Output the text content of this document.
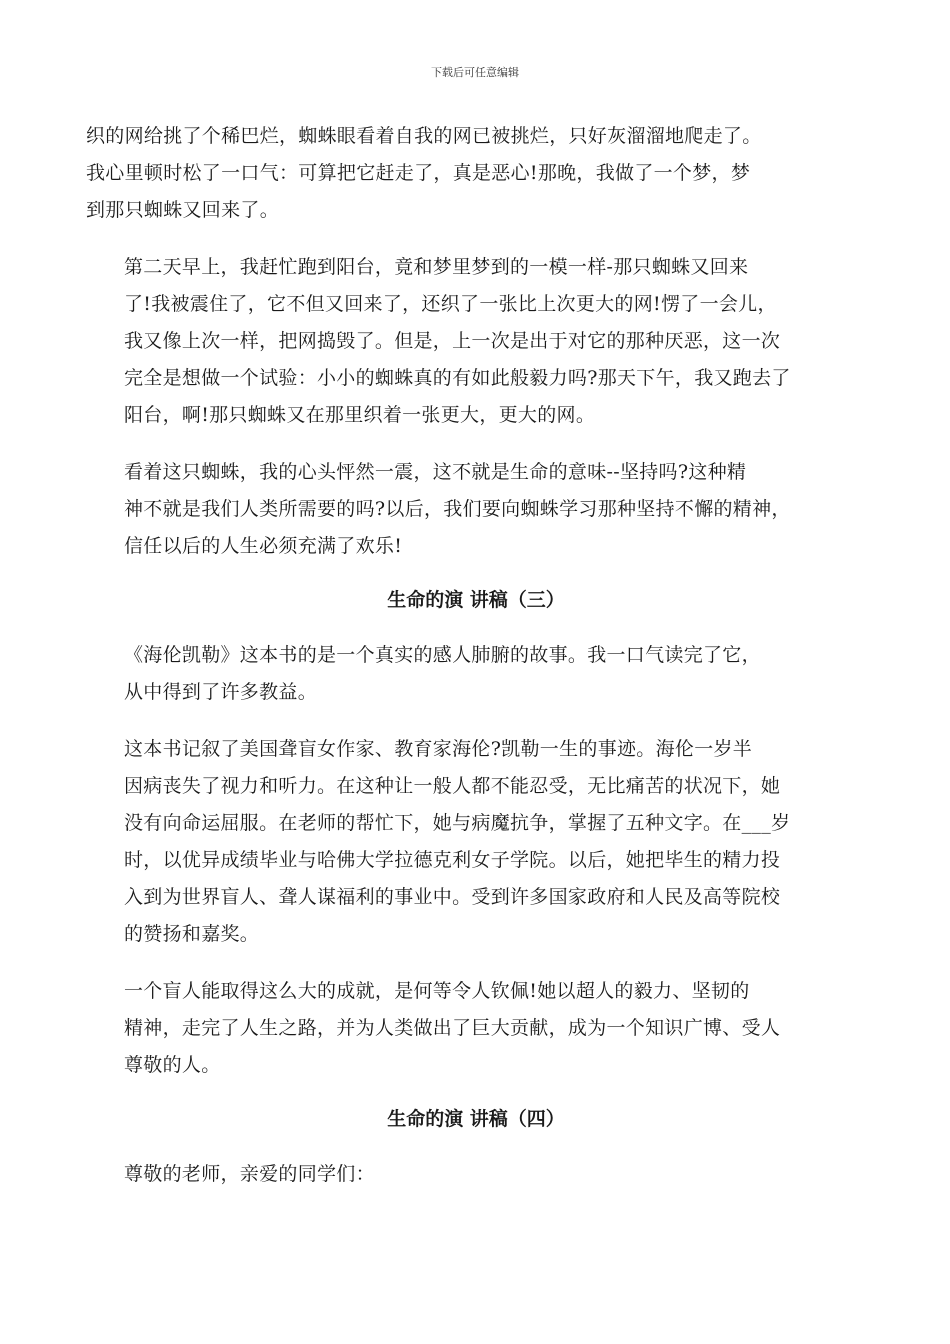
下载后可任意编辑

织的网给挑了个稀巴烂，蜘蛛眼看着自我的网已被挑烂，只好灰溜溜地爬走了。
我心里顿时松了一口气：可算把它赶走了，真是恶心!那晚，我做了一个梦，梦
到那只蜘蛛又回来了。

第二天早上，我赶忙跑到阳台，竟和梦里梦到的一模一样-那只蜘蛛又回来
了!我被震住了，它不但又回来了，还织了一张比上次更大的网!愣了一会儿，
我又像上次一样，把网捣毁了。但是，上一次是出于对它的那种厌恶，这一次
完全是想做一个试验：小小的蜘蛛真的有如此般毅力吗?那天下午，我又跑去了
阳台，啊!那只蜘蛛又在那里织着一张更大，更大的网。

看着这只蜘蛛，我的心头怦然一震，这不就是生命的意味--坚持吗?这种精
神不就是我们人类所需要的吗?以后，我们要向蜘蛛学习那种坚持不懈的精神，
信任以后的人生必须充满了欢乐!

生命的演 讲稿（三）

《海伦凯勒》这本书的是一个真实的感人肺腑的故事。我一口气读完了它，
从中得到了许多教益。

这本书记叙了美国聋盲女作家、教育家海伦?凯勒一生的事迹。海伦一岁半
因病丧失了视力和听力。在这种让一般人都不能忍受，无比痛苦的状况下，她
没有向命运屈服。在老师的帮忙下，她与病魔抗争，掌握了五种文字。在___岁
时，以优异成绩毕业与哈佛大学拉德克利女子学院。以后，她把毕生的精力投
入到为世界盲人、聋人谋福利的事业中。受到许多国家政府和人民及高等院校
的赞扬和嘉奖。

一个盲人能取得这么大的成就，是何等令人钦佩!她以超人的毅力、坚韧的
精神，走完了人生之路，并为人类做出了巨大贡献，成为一个知识广博、受人
尊敬的人。

生命的演 讲稿（四）

尊敬的老师，亲爱的同学们：
